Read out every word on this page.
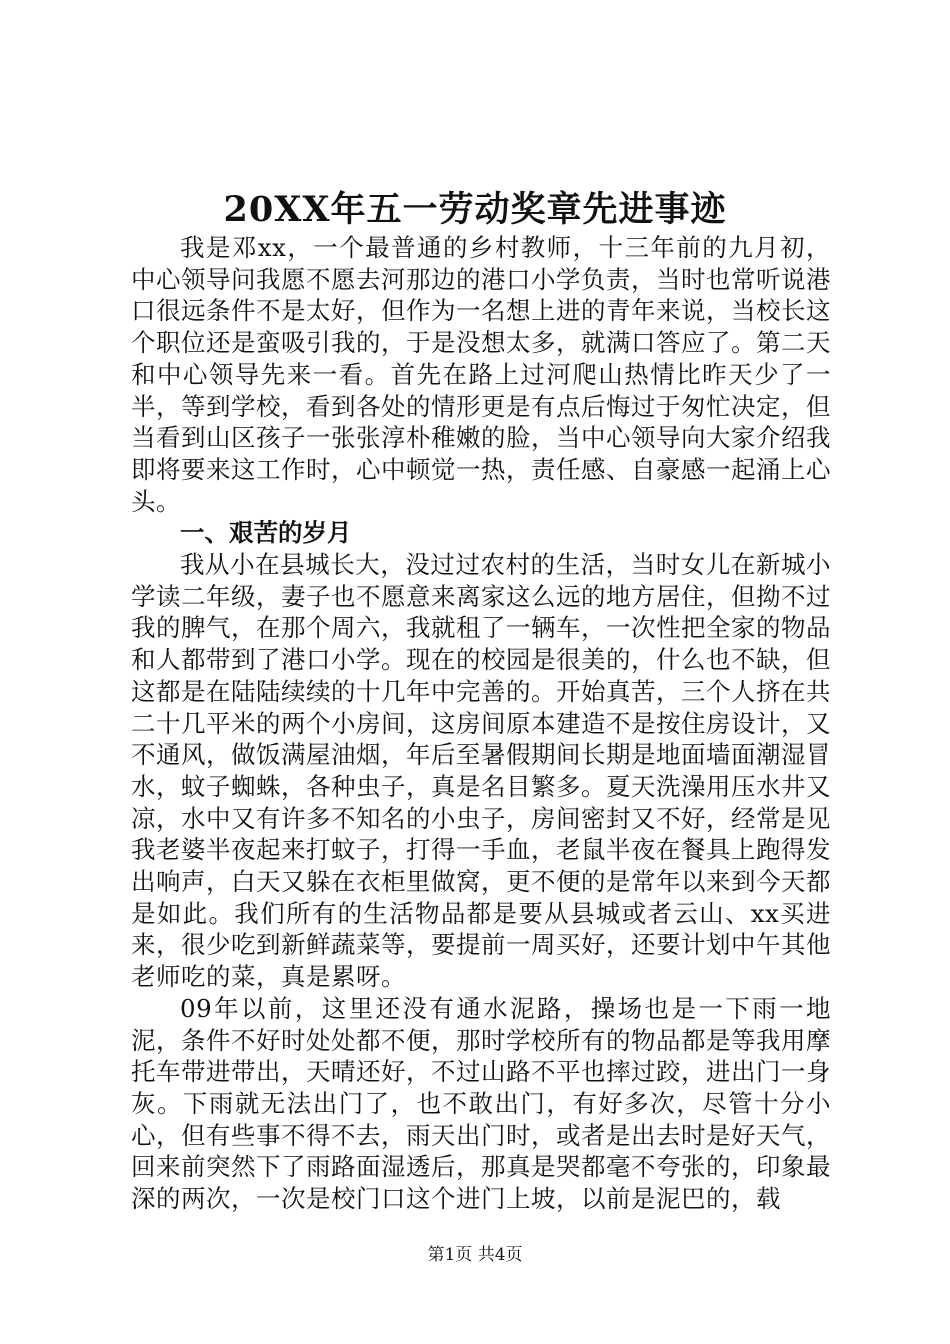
20XX年五一劳动奖章先进事迹

我是邓xx，一个最普通的乡村教师，十三年前的九月初，中心领导问我愿不愿去河那边的港口小学负责，当时也常听说港口很远条件不是太好，但作为一名想上进的青年来说，当校长这个职位还是蛮吸引我的，于是没想太多，就满口答应了。第二天和中心领导先来一看。首先在路上过河爬山热情比昨天少了一半，等到学校，看到各处的情形更是有点后悔过于匆忙决定，但当看到山区孩子一张张淳朴稚嫩的脸，当中心领导向大家介绍我即将要来这工作时，心中顿觉一热，责任感、自豪感一起涌上心头。

一、艰苦的岁月

我从小在县城长大，没过过农村的生活，当时女儿在新城小学读二年级，妻子也不愿意来离家这么远的地方居住，但拗不过我的脾气，在那个周六，我就租了一辆车，一次性把全家的物品和人都带到了港口小学。现在的校园是很美的，什么也不缺，但这都是在陆陆续续的十几年中完善的。开始真苦，三个人挤在共二十几平米的两个小房间，这房间原本建造不是按住房设计，又不通风，做饭满屋油烟，年后至暑假期间长期是地面墙面潮湿冒水，蚊子蜘蛛，各种虫子，真是名目繁多。夏天洗澡用压水井又凉，水中又有许多不知名的小虫子，房间密封又不好，经常是见我老婆半夜起来打蚊子，打得一手血，老鼠半夜在餐具上跑得发出响声，白天又躲在衣柜里做窝，更不便的是常年以来到今天都是如此。我们所有的生活物品都是要从县城或者云山、xx买进来，很少吃到新鲜蔬菜等，要提前一周买好，还要计划中午其他老师吃的菜，真是累呀。

09年以前，这里还没有通水泥路，操场也是一下雨一地泥，条件不好时处处都不便，那时学校所有的物品都是等我用摩托车带进带出，天晴还好，不过山路不平也摔过跤，进出门一身灰。下雨就无法出门了，也不敢出门，有好多次，尽管十分小心，但有些事不得不去，雨天出门时，或者是出去时是好天气，回来前突然下了雨路面湿透后，那真是哭都毫不夸张的，印象最深的两次，一次是校门口这个进门上坡，以前是泥巴的，载

第1页 共4页
